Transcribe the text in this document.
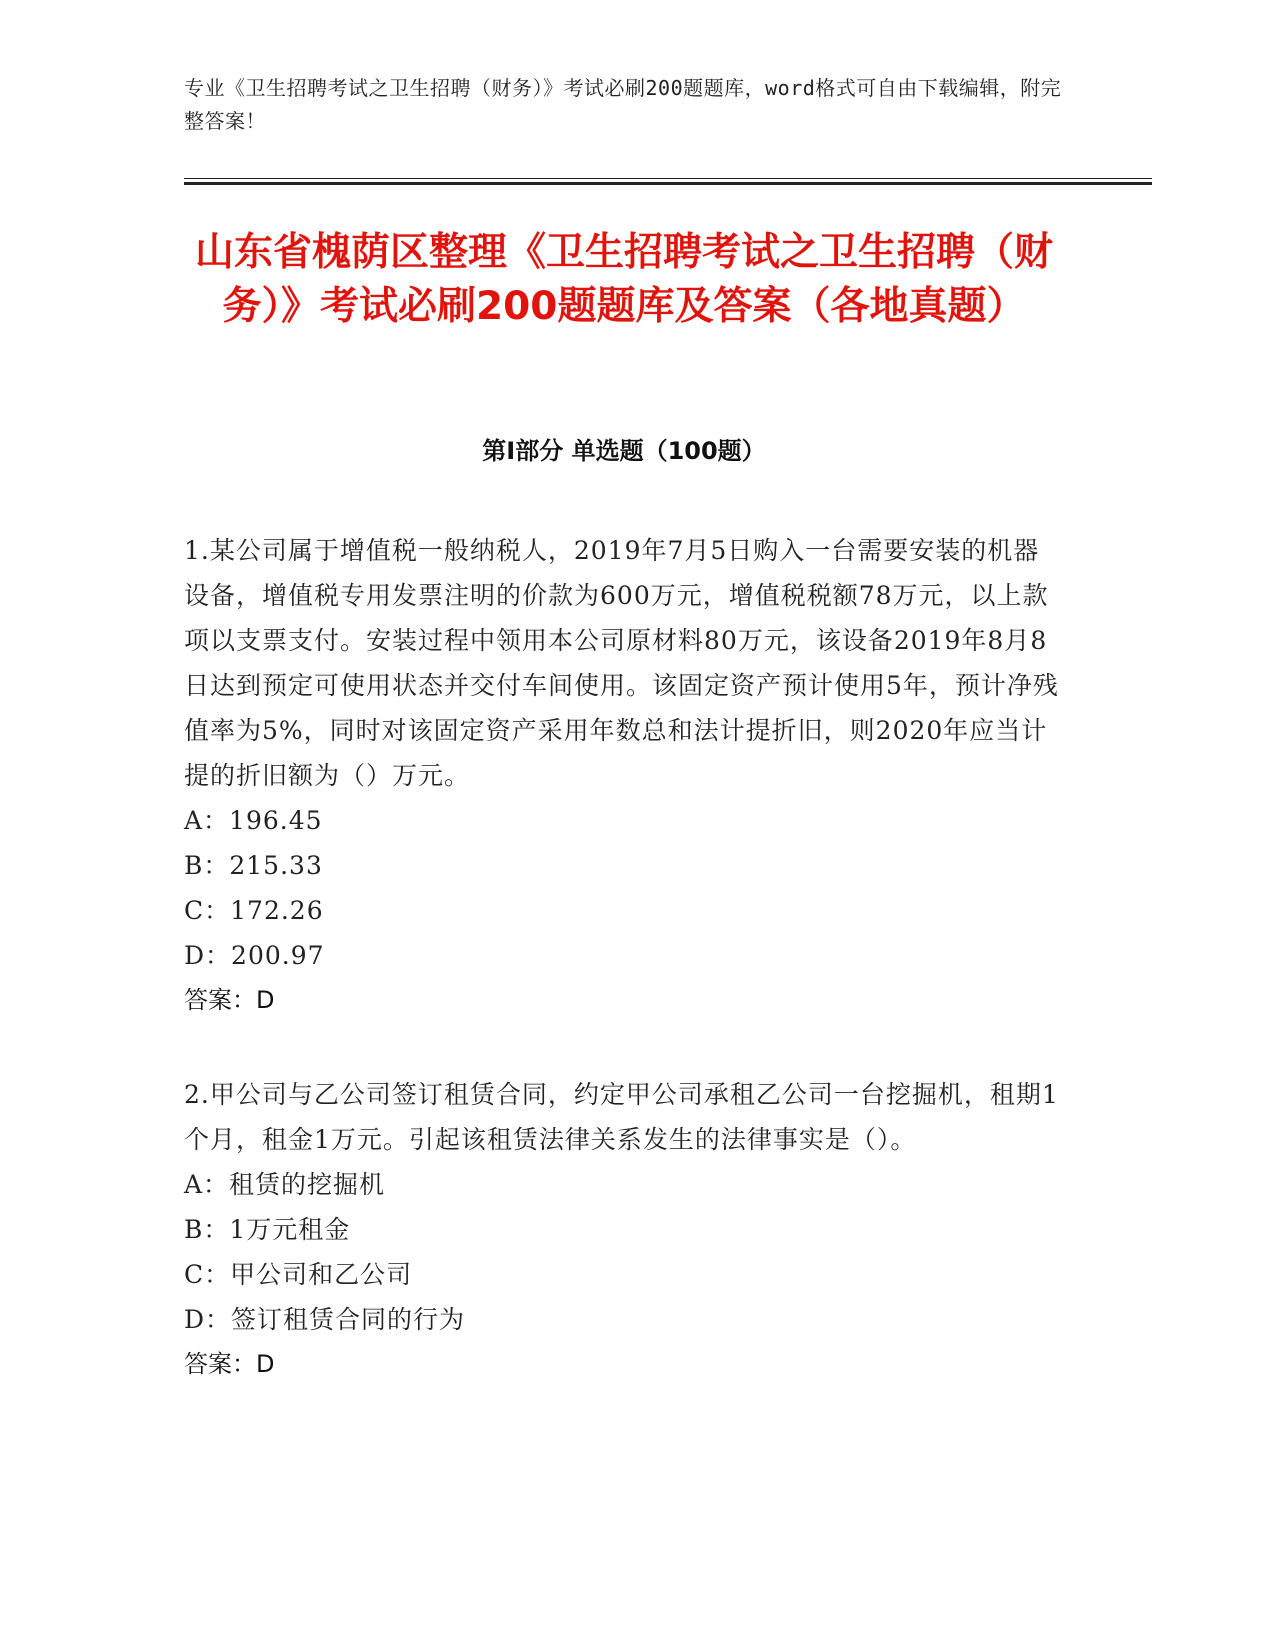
专业《卫生招聘考试之卫生招聘（财务）》考试必刷200题题库，word格式可自由下载编辑，附完整答案！
山东省槐荫区整理《卫生招聘考试之卫生招聘（财务）》考试必刷200题题库及答案（各地真题）
第I部分 单选题（100题）

1.某公司属于增值税一般纳税人，2019年7月5日购入一台需要安装的机器设备，增值税专用发票注明的价款为600万元，增值税税额78万元，以上款项以支票支付。安装过程中领用本公司原材料80万元，该设备2019年8月8日达到预定可使用状态并交付车间使用。该固定资产预计使用5年，预计净残值率为5%，同时对该固定资产采用年数总和法计提折旧，则2020年应当计提的折旧额为（）万元。

A：196.45

B：215.33

C：172.26

D：200.97

答案：D

2.甲公司与乙公司签订租赁合同，约定甲公司承租乙公司一台挖掘机，租期1个月，租金1万元。引起该租赁法律关系发生的法律事实是（）。

A：租赁的挖掘机

B：1万元租金

C：甲公司和乙公司

D：签订租赁合同的行为

答案：D
